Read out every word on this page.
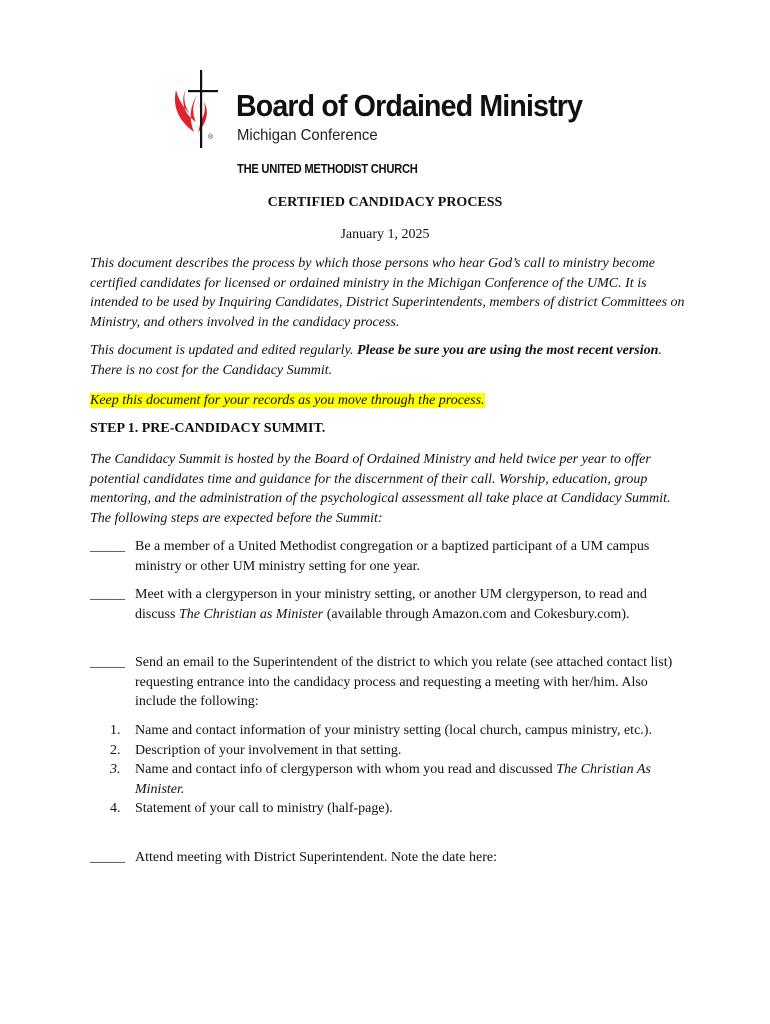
®
Board of Ordained Ministry
Michigan Conference
THE UNITED METHODIST CHURCH
CERTIFIED CANDIDACY PROCESS
January 1, 2025
This document describes the process by which those persons who hear God’s call to ministry become certified candidates for licensed or ordained ministry in the Michigan Conference of the UMC. It is intended to be used by Inquiring Candidates, District Superintendents, members of district Committees on Ministry, and others involved in the candidacy process.
This document is updated and edited regularly. Please be sure you are using the most recent version. There is no cost for the Candidacy Summit.
Keep this document for your records as you move through the process.
STEP 1. PRE-CANDIDACY SUMMIT.
The Candidacy Summit is hosted by the Board of Ordained Ministry and held twice per year to offer potential candidates time and guidance for the discernment of their call. Worship, education, group mentoring, and the administration of the psychological assessment all take place at Candidacy Summit. The following steps are expected before the Summit:
_____ Be a member of a United Methodist congregation or a baptized participant of a UM campus ministry or other UM ministry setting for one year.
_____ Meet with a clergyperson in your ministry setting, or another UM clergyperson, to read and discuss The Christian as Minister (available through Amazon.com and Cokesbury.com).
_____ Send an email to the Superintendent of the district to which you relate (see attached contact list) requesting entrance into the candidacy process and requesting a meeting with her/him. Also include the following:
1. Name and contact information of your ministry setting (local church, campus ministry, etc.).
2. Description of your involvement in that setting.
3. Name and contact info of clergyperson with whom you read and discussed The Christian As Minister.
4. Statement of your call to ministry (half-page).
_____ Attend meeting with District Superintendent. Note the date here:
